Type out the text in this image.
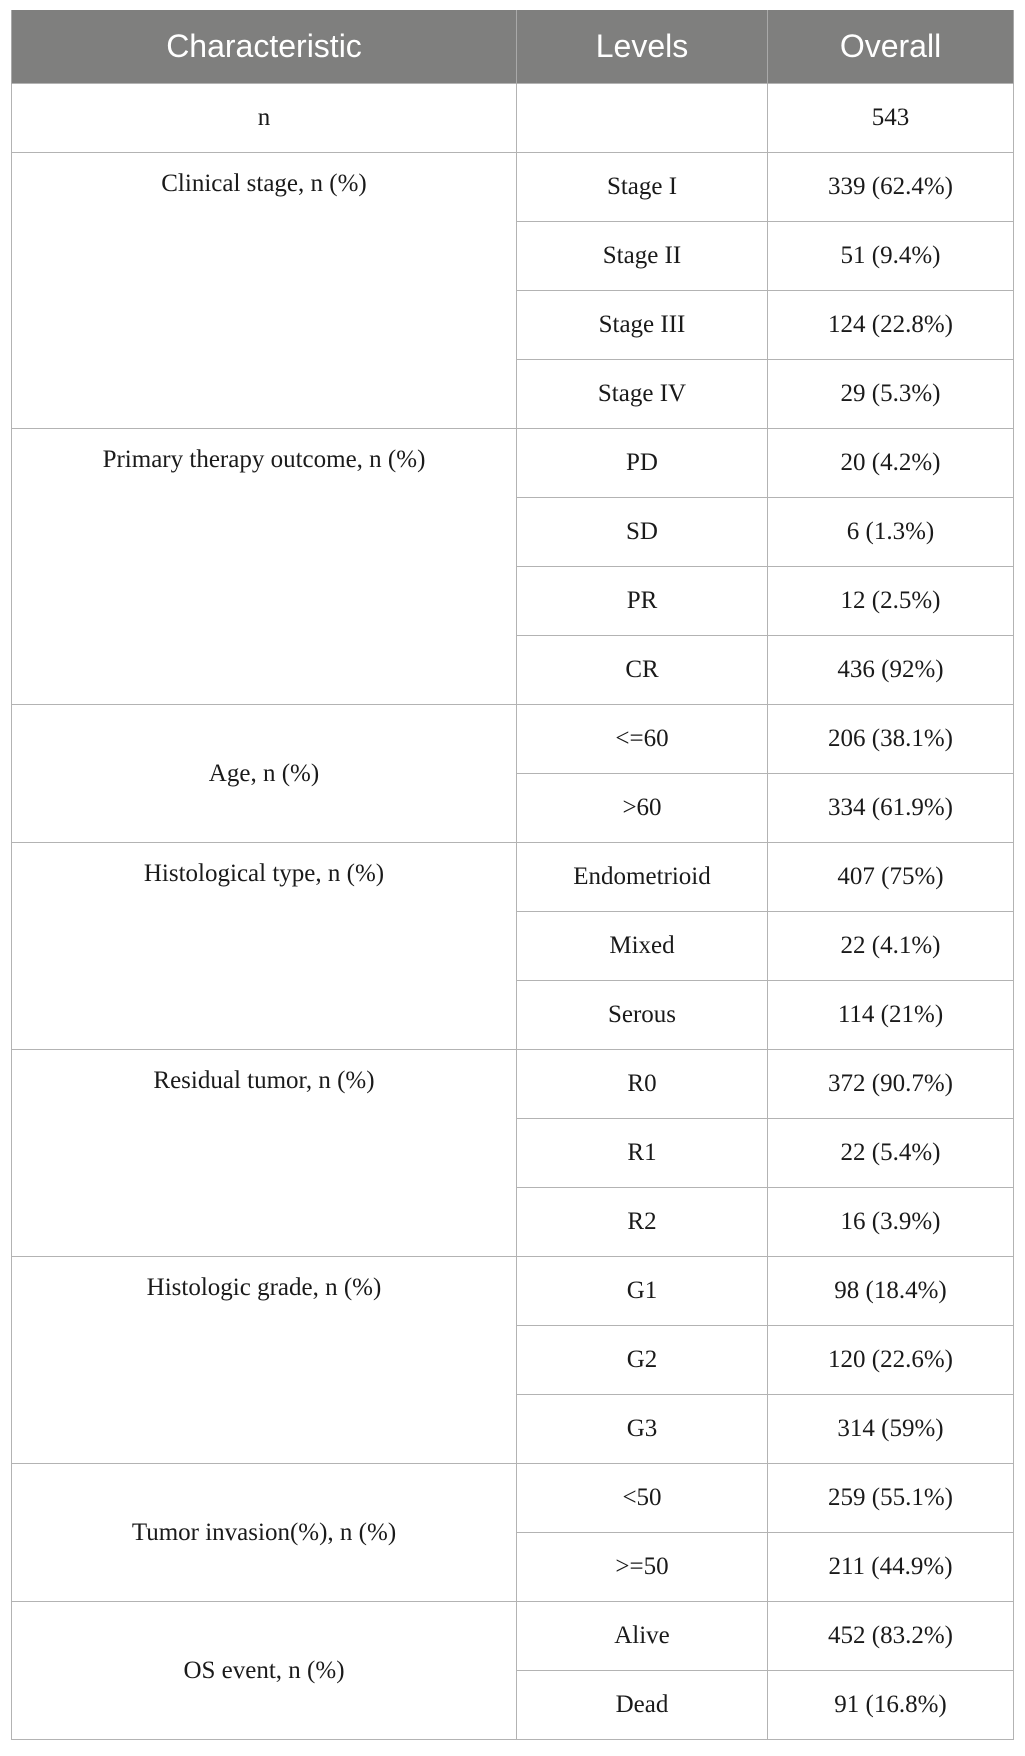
Characteristic	Levels	Overall
n		543
Clinical stage, n (%)	Stage I	339 (62.4%)
	Stage II	51 (9.4%)
	Stage III	124 (22.8%)
	Stage IV	29 (5.3%)
Primary therapy outcome, n (%)	PD	20 (4.2%)
	SD	6 (1.3%)
	PR	12 (2.5%)
	CR	436 (92%)
Age, n (%)	<=60	206 (38.1%)
	>60	334 (61.9%)
Histological type, n (%)	Endometrioid	407 (75%)
	Mixed	22 (4.1%)
	Serous	114 (21%)
Residual tumor, n (%)	R0	372 (90.7%)
	R1	22 (5.4%)
	R2	16 (3.9%)
Histologic grade, n (%)	G1	98 (18.4%)
	G2	120 (22.6%)
	G3	314 (59%)
Tumor invasion(%), n (%)	<50	259 (55.1%)
	>=50	211 (44.9%)
OS event, n (%)	Alive	452 (83.2%)
	Dead	91 (16.8%)
